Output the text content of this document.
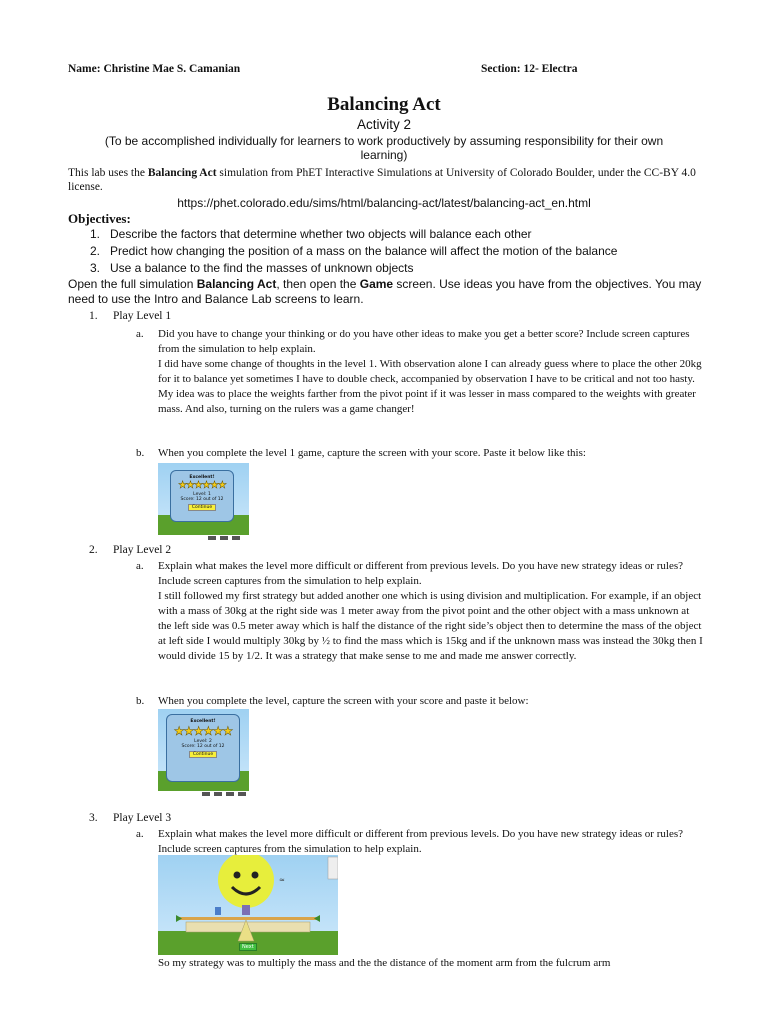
Name: Christine Mae S. Camanian	Section: 12- Electra
Balancing Act
Activity 2
(To be accomplished individually for learners to work productively by assuming responsibility for their own learning)
This lab uses the Balancing Act simulation from PhET Interactive Simulations at University of Colorado Boulder, under the CC-BY 4.0 license.
https://phet.colorado.edu/sims/html/balancing-act/latest/balancing-act_en.html
Objectives:
1. Describe the factors that determine whether two objects will balance each other
2. Predict how changing the position of a mass on the balance will affect the motion of the balance
3. Use a balance to the find the masses of unknown objects
Open the full simulation Balancing Act, then open the Game screen. Use ideas you have from the objectives. You may need to use the Intro and Balance Lab screens to learn.
1. Play Level 1
a. Did you have to change your thinking or do you have other ideas to make you get a better score? Include screen captures from the simulation to help explain.
I did have some change of thoughts in the level 1. With observation alone I can already guess where to place the other 20kg for it to balance yet sometimes I have to double check, accompanied by observation I have to be critical and not too hasty. My idea was to place the weights farther from the pivot point if it was lesser in mass compared to the weights with greater mass. And also, turning on the rulers was a game changer!
b. When you complete the level 1 game, capture the screen with your score. Paste it below like this:
Excellent!
★★★★★★
Level: 1
Score: 12 out of 12
Continue
2. Play Level 2
a. Explain what makes the level more difficult or different from previous levels. Do you have new strategy ideas or rules? Include screen captures from the simulation to help explain.
I still followed my first strategy but added another one which is using division and multiplication. For example, if an object with a mass of 30kg at the right side was 1 meter away from the pivot point and the other object with a mass unknown at the left side was 0.5 meter away which is half the distance of the right side’s object then to determine the mass of the object at left side I would multiply 30kg by ½ to find the mass which is 15kg and if the unknown mass was instead the 30kg then I would divide 15 by 1/2. It was a strategy that make sense to me and made me answer correctly.
b. When you complete the level, capture the screen with your score and paste it below:
Excellent!
★★★★★★
Level: 2
Score: 12 out of 12
Continue
3. Play Level 3
a. Explain what makes the level more difficult or different from previous levels. Do you have new strategy ideas or rules? Include screen captures from the simulation to help explain.
≈
Next
So my strategy was to multiply the mass and the the distance of the moment arm from the fulcrum arm
